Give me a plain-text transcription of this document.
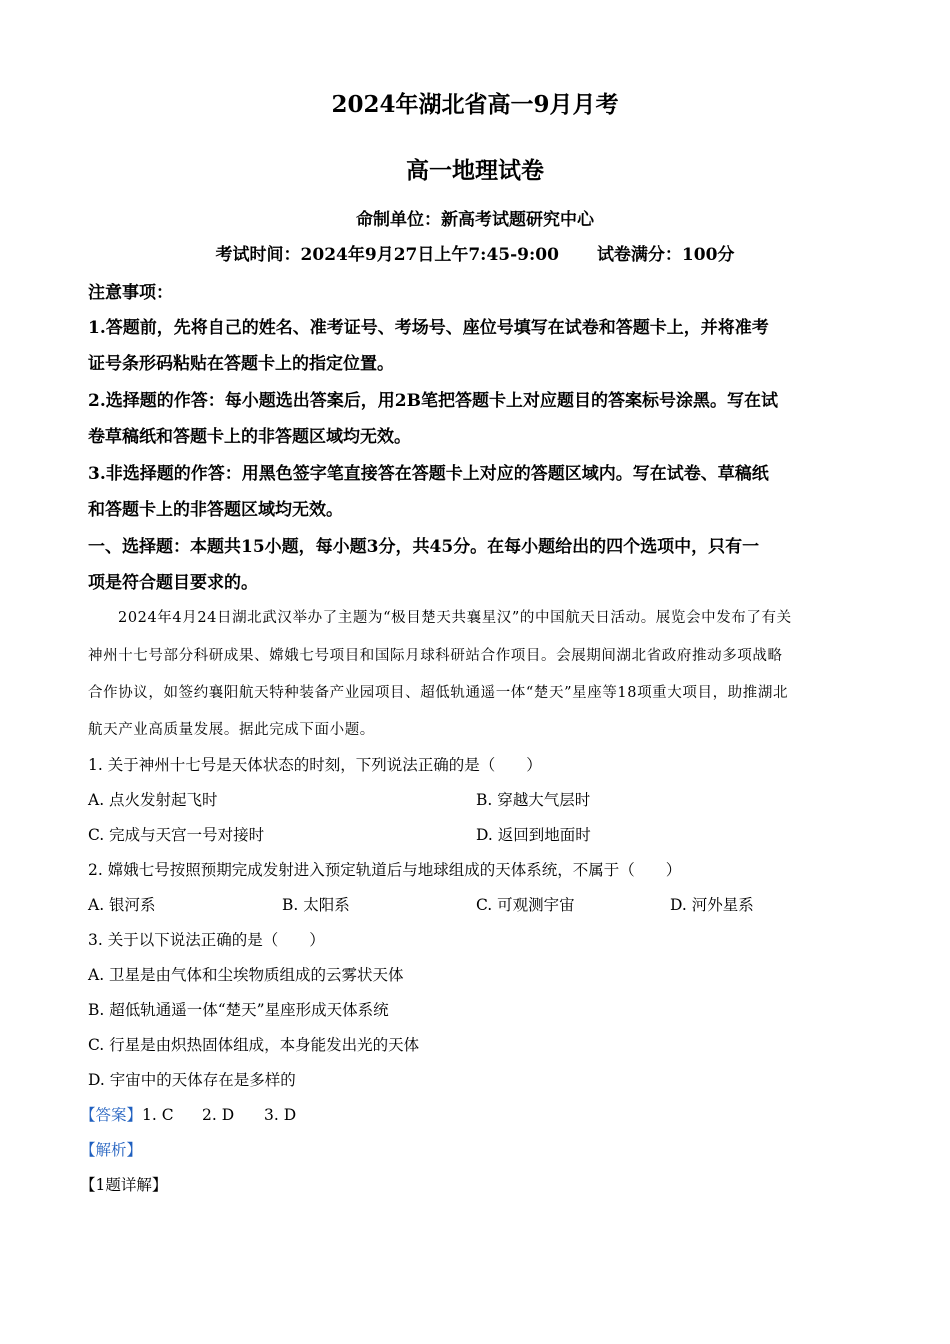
2024年湖北省高一9月月考
高一地理试卷
命制单位：新高考试题研究中心
考试时间：2024年9月27日上午7:45-9:00 试卷满分：100分
注意事项：
1.答题前，先将自己的姓名、准考证号、考场号、座位号填写在试卷和答题卡上，并将准考
证号条形码粘贴在答题卡上的指定位置。
2.选择题的作答：每小题选出答案后，用2B笔把答题卡上对应题目的答案标号涂黑。写在试
卷草稿纸和答题卡上的非答题区域均无效。
3.非选择题的作答：用黑色签字笔直接答在答题卡上对应的答题区域内。写在试卷、草稿纸
和答题卡上的非答题区域均无效。
一、选择题：本题共15小题，每小题3分，共45分。在每小题给出的四个选项中，只有一
项是符合题目要求的。
2024年4月24日湖北武汉举办了主题为“极目楚天共襄星汉”的中国航天日活动。展览会中发布了有关
神州十七号部分科研成果、嫦娥七号项目和国际月球科研站合作项目。会展期间湖北省政府推动多项战略
合作协议，如签约襄阳航天特种装备产业园项目、超低轨通遥一体“楚天”星座等18项重大项目，助推湖北
航天产业高质量发展。据此完成下面小题。
1. 关于神州十七号是天体状态的时刻，下列说法正确的是（　　）
A. 点火发射起飞时	B. 穿越大气层时
C. 完成与天宫一号对接时	D. 返回到地面时
2. 嫦娥七号按照预期完成发射进入预定轨道后与地球组成的天体系统，不属于（　　）
A. 银河系	B. 太阳系	C. 可观测宇宙	D. 河外星系
3. 关于以下说法正确的是（　　）
A. 卫星是由气体和尘埃物质组成的云雾状天体
B. 超低轨通遥一体“楚天”星座形成天体系统
C. 行星是由炽热固体组成，本身能发出光的天体
D. 宇宙中的天体存在是多样的
【答案】1. C 2. D 3. D
【解析】
【1题详解】
